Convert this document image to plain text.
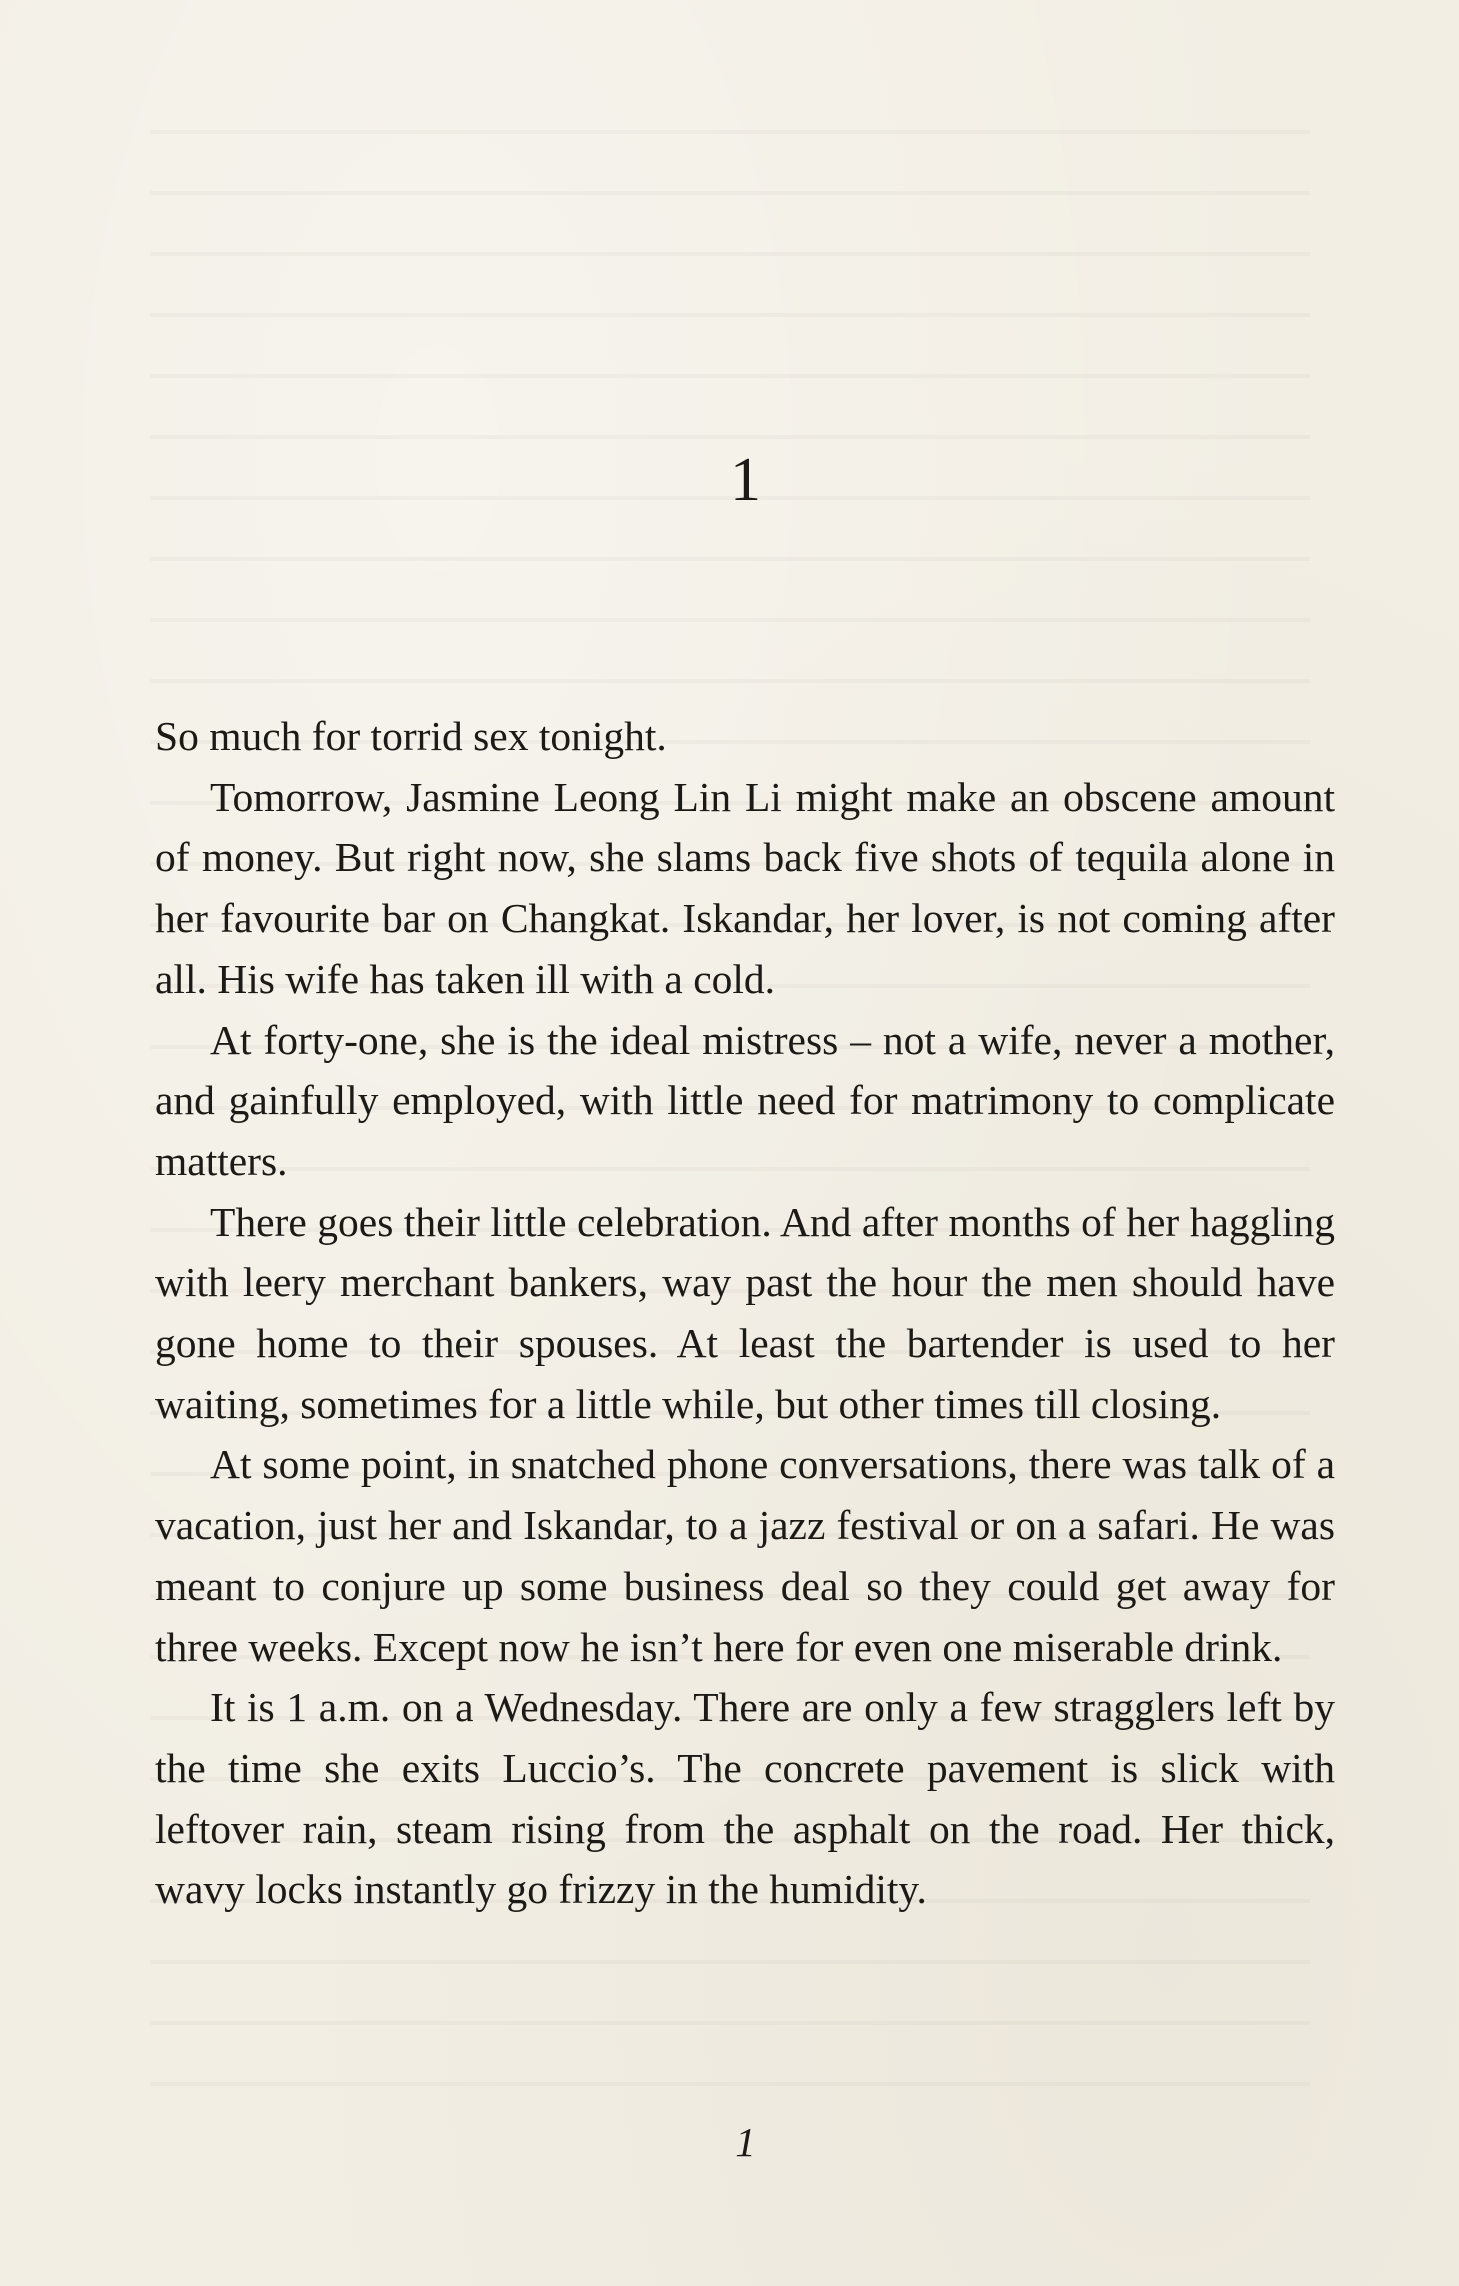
1

So much for torrid sex tonight.

Tomorrow, Jasmine Leong Lin Li might make an obscene amount of money. But right now, she slams back five shots of tequila alone in her favourite bar on Changkat. Iskandar, her lover, is not coming after all. His wife has taken ill with a cold.

At forty-one, she is the ideal mistress – not a wife, never a mother, and gainfully employed, with little need for matrimony to complicate matters.

There goes their little celebration. And after months of her haggling with leery merchant bankers, way past the hour the men should have gone home to their spouses. At least the bartender is used to her waiting, sometimes for a little while, but other times till closing.

At some point, in snatched phone conversations, there was talk of a vacation, just her and Iskandar, to a jazz festival or on a safari. He was meant to conjure up some business deal so they could get away for three weeks. Except now he isn’t here for even one miserable drink.

It is 1 a.m. on a Wednesday. There are only a few stragglers left by the time she exits Luccio’s. The concrete pavement is slick with leftover rain, steam rising from the asphalt on the road. Her thick, wavy locks instantly go frizzy in the humidity.

1
